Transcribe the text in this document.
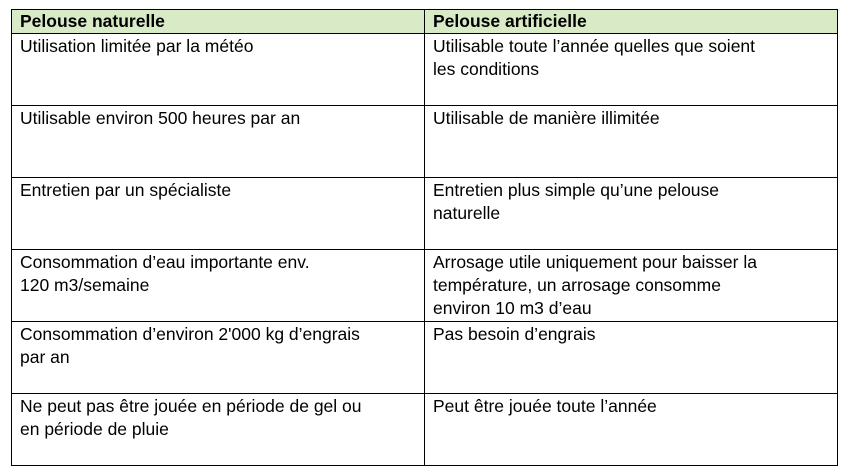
Pelouse naturelle	Pelouse artificielle

Utilisation limitée par la météo	Utilisable toute l’année quelles que soient
les conditions

Utilisable environ 500 heures par an	Utilisable de manière illimitée

Entretien par un spécialiste	Entretien plus simple qu’une pelouse
naturelle

Consommation d’eau importante env.
120 m3/semaine	Arrosage utile uniquement pour baisser la
température, un arrosage consomme
environ 10 m3 d’eau

Consommation d’environ 2'000 kg d’engrais
par an	Pas besoin d’engrais

Ne peut pas être jouée en période de gel ou
en période de pluie	Peut être jouée toute l’année
